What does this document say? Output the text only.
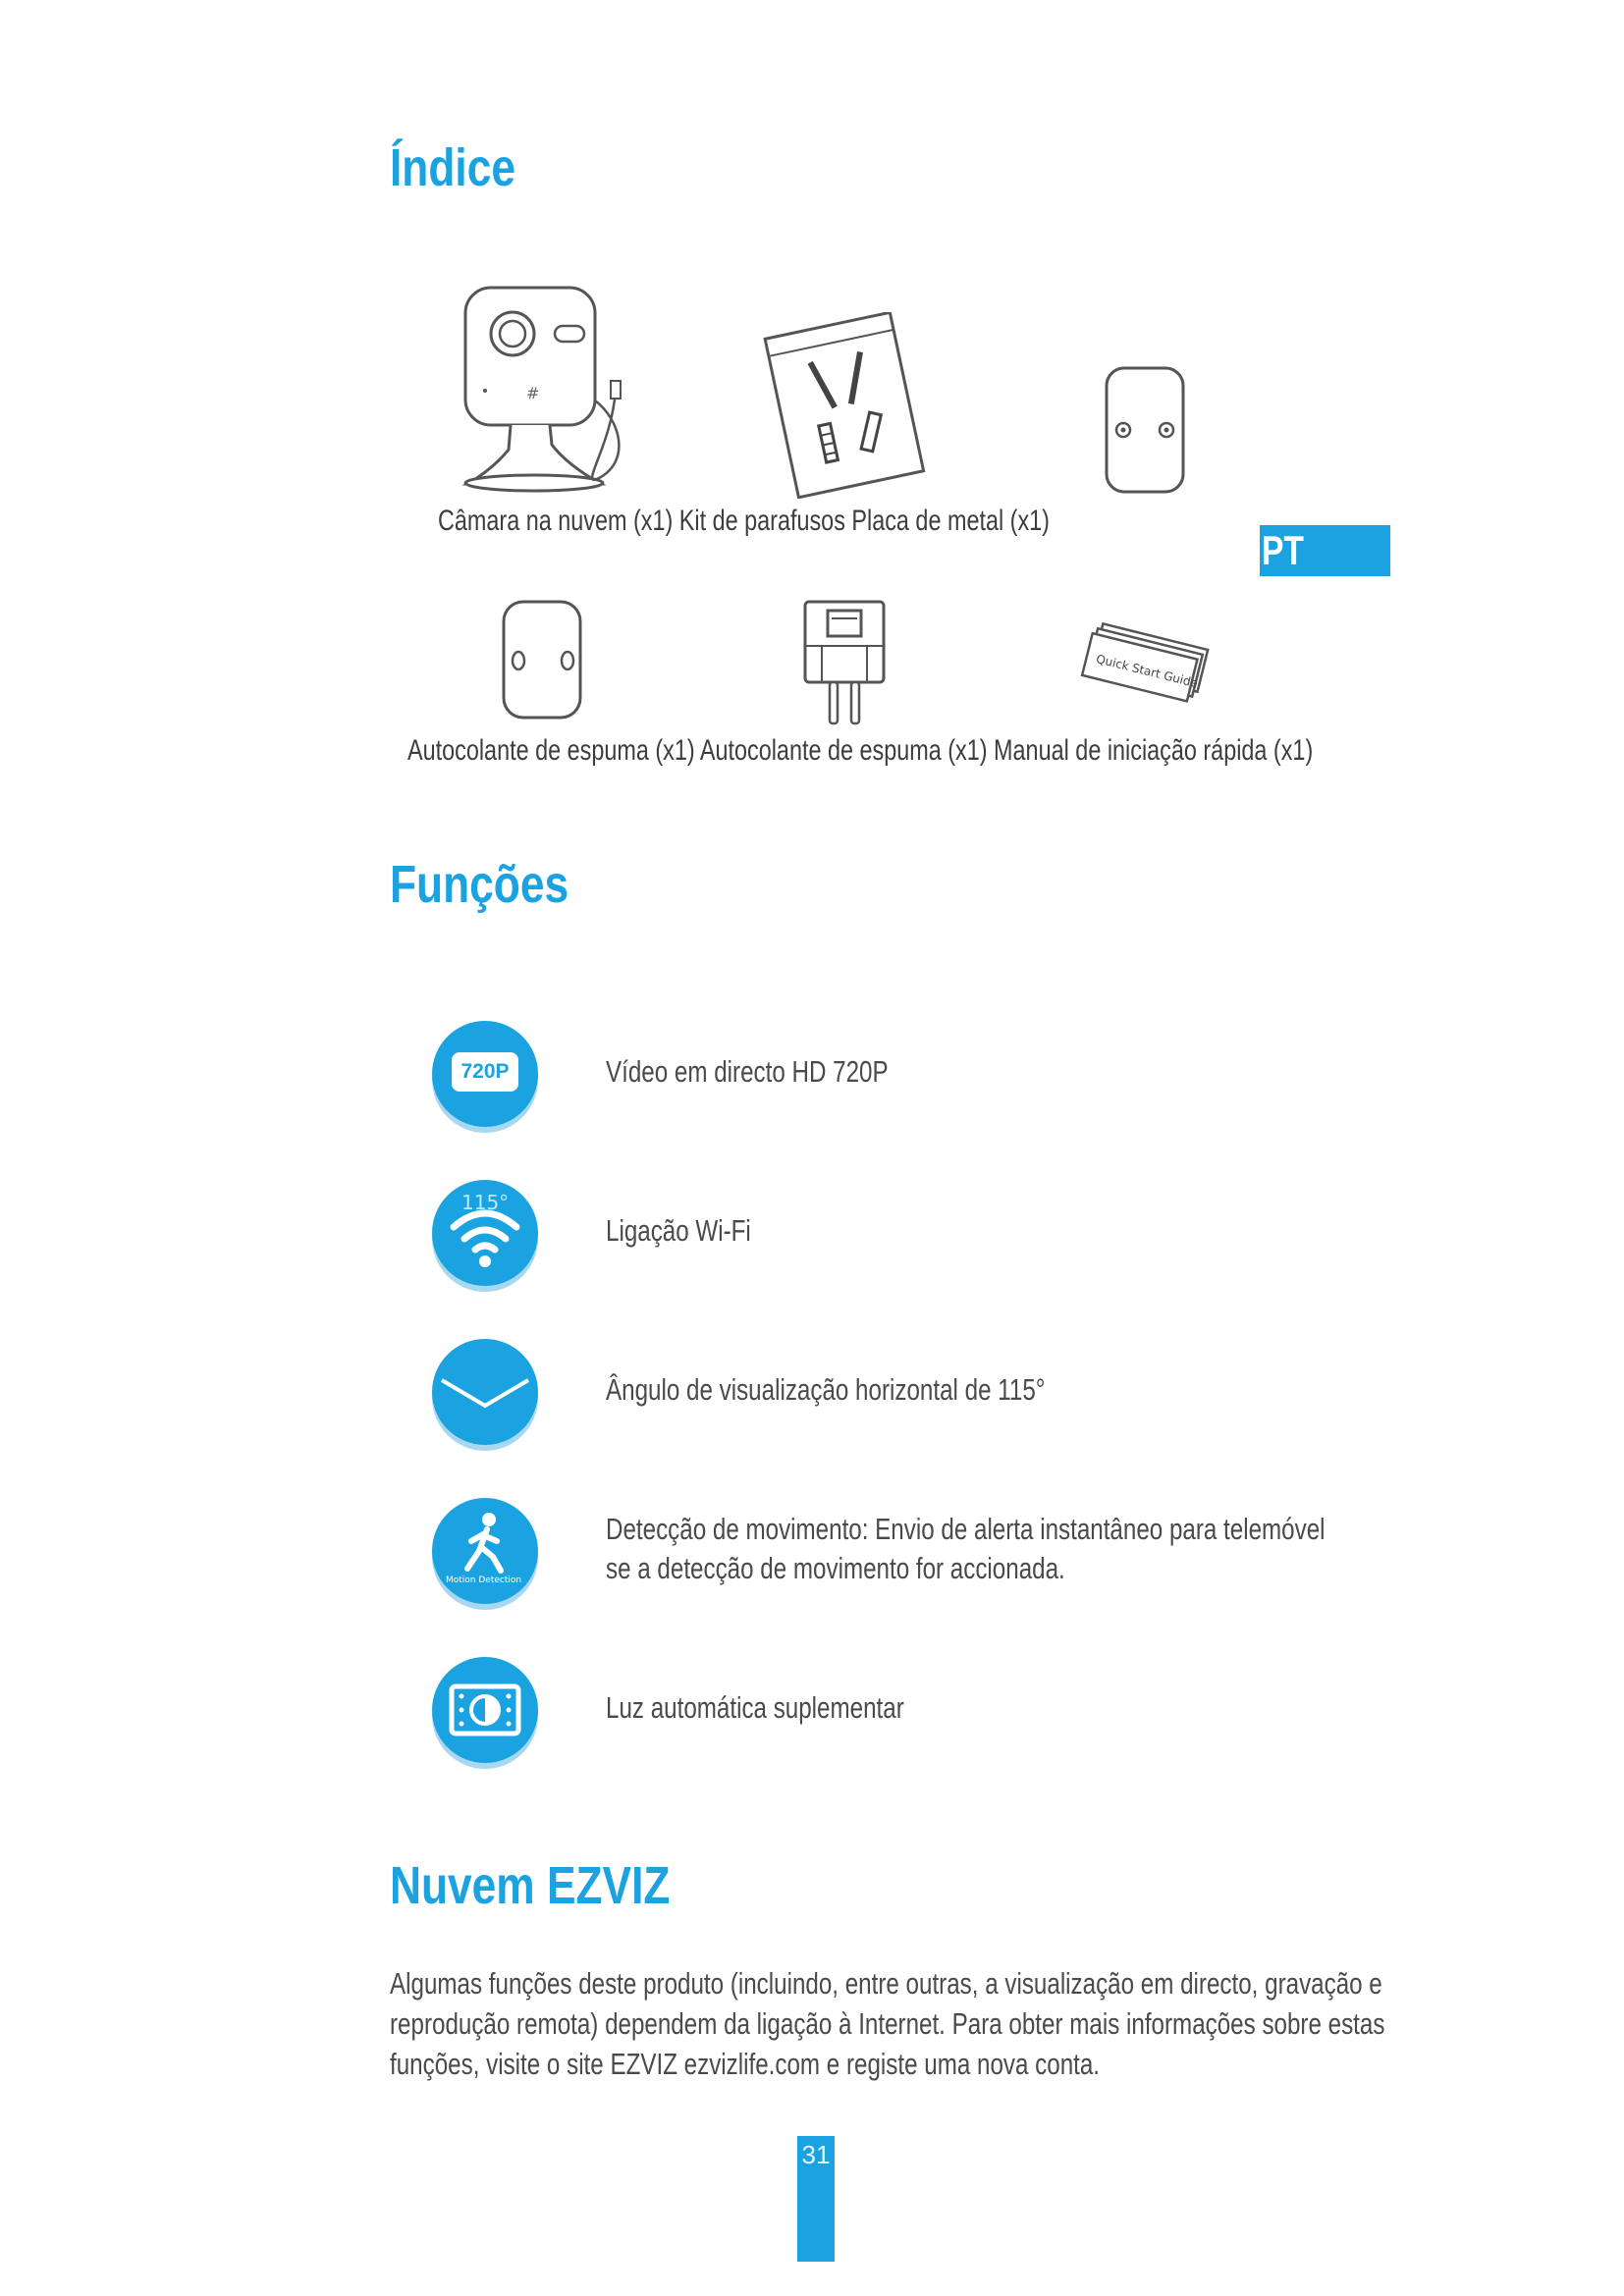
Índice
#
Câmara na nuvem (x1) Kit de parafusos Placa de metal (x1)
PT
Quick Start Guide
Autocolante de espuma (x1) Autocolante de espuma (x1) Manual de iniciação rápida (x1)
Funções
720P	Vídeo em directo HD 720P
115°
Ligação Wi-Fi
Ângulo de visualização horizontal de 115°
Motion Detection
Detecção de movimento: Envio de alerta instantâneo para telemóvel
se a detecção de movimento for accionada.
Luz automática suplementar
Nuvem EZVIZ
Algumas funções deste produto (incluindo, entre outras, a visualização em directo, gravação e
reprodução remota) dependem da ligação à Internet. Para obter mais informações sobre estas
funções, visite o site EZVIZ ezvizlife.com e registe uma nova conta.
31
